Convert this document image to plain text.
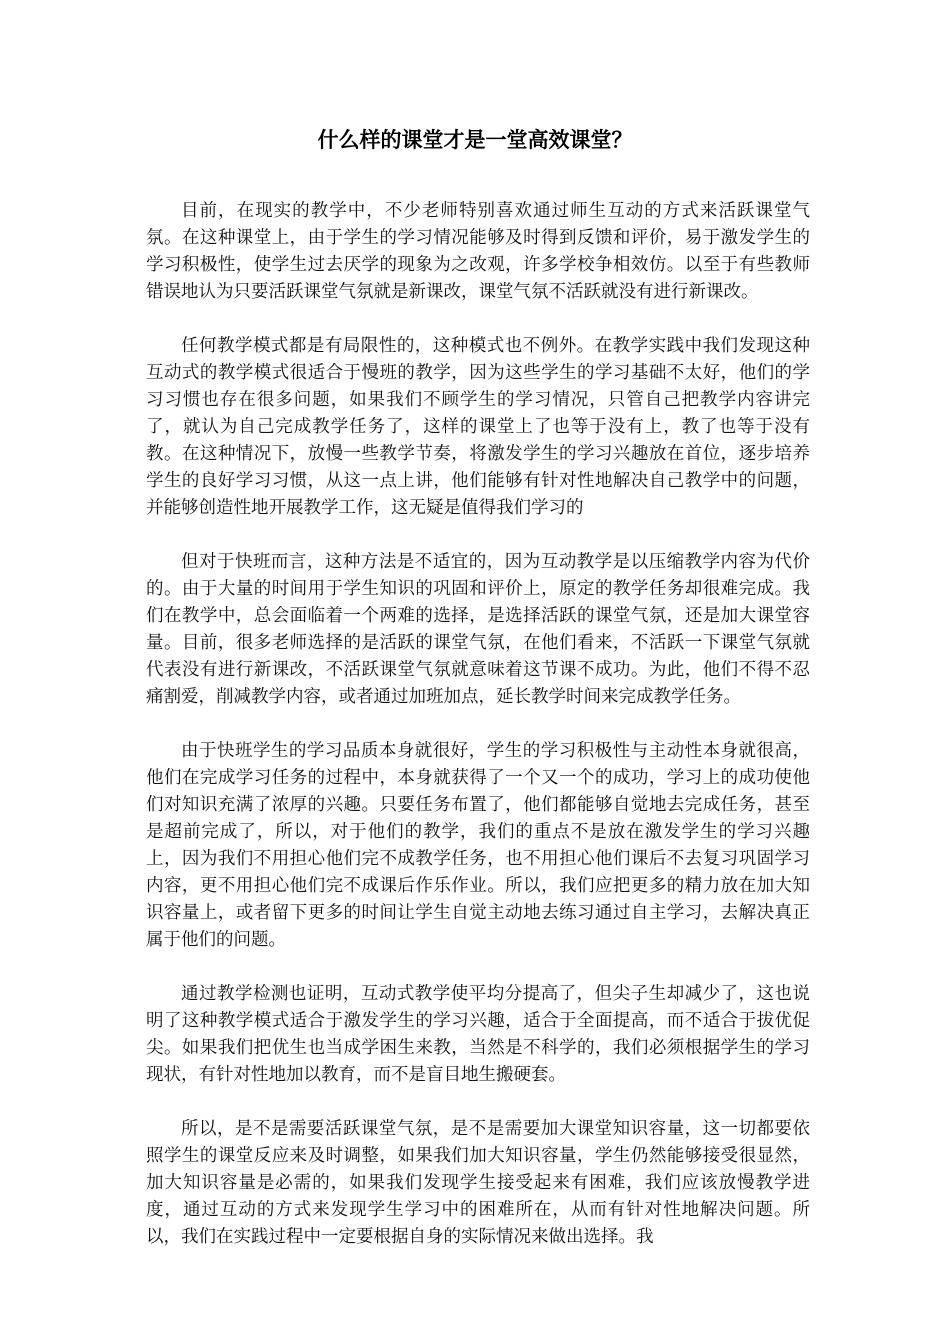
什么样的课堂才是一堂高效课堂？

目前，在现实的教学中，不少老师特别喜欢通过师生互动的方式来活跃课堂气氛。在这种课堂上，由于学生的学习情况能够及时得到反馈和评价，易于激发学生的学习积极性，使学生过去厌学的现象为之改观，许多学校争相效仿。以至于有些教师错误地认为只要活跃课堂气氛就是新课改，课堂气氛不活跃就没有进行新课改。

任何教学模式都是有局限性的，这种模式也不例外。在教学实践中我们发现这种互动式的教学模式很适合于慢班的教学，因为这些学生的学习基础不太好，他们的学习习惯也存在很多问题，如果我们不顾学生的学习情况，只管自己把教学内容讲完了，就认为自己完成教学任务了，这样的课堂上了也等于没有上，教了也等于没有教。在这种情况下，放慢一些教学节奏，将激发学生的学习兴趣放在首位，逐步培养学生的良好学习习惯，从这一点上讲，他们能够有针对性地解决自己教学中的问题，并能够创造性地开展教学工作，这无疑是值得我们学习的

但对于快班而言，这种方法是不适宜的，因为互动教学是以压缩教学内容为代价的。由于大量的时间用于学生知识的巩固和评价上，原定的教学任务却很难完成。我们在教学中，总会面临着一个两难的选择，是选择活跃的课堂气氛，还是加大课堂容量。目前，很多老师选择的是活跃的课堂气氛，在他们看来，不活跃一下课堂气氛就代表没有进行新课改，不活跃课堂气氛就意味着这节课不成功。为此，他们不得不忍痛割爱，削减教学内容，或者通过加班加点，延长教学时间来完成教学任务。

由于快班学生的学习品质本身就很好，学生的学习积极性与主动性本身就很高，他们在完成学习任务的过程中，本身就获得了一个又一个的成功，学习上的成功使他们对知识充满了浓厚的兴趣。只要任务布置了，他们都能够自觉地去完成任务，甚至是超前完成了，所以，对于他们的教学，我们的重点不是放在激发学生的学习兴趣上，因为我们不用担心他们完不成教学任务，也不用担心他们课后不去复习巩固学习内容，更不用担心他们完不成课后作乐作业。所以，我们应把更多的精力放在加大知识容量上，或者留下更多的时间让学生自觉主动地去练习通过自主学习，去解决真正属于他们的问题。

通过教学检测也证明，互动式教学使平均分提高了，但尖子生却减少了，这也说明了这种教学模式适合于激发学生的学习兴趣，适合于全面提高，而不适合于拔优促尖。如果我们把优生也当成学困生来教，当然是不科学的，我们必须根据学生的学习现状，有针对性地加以教育，而不是盲目地生搬硬套。

所以，是不是需要活跃课堂气氛，是不是需要加大课堂知识容量，这一切都要依照学生的课堂反应来及时调整，如果我们加大知识容量，学生仍然能够接受很显然，加大知识容量是必需的，如果我们发现学生接受起来有困难，我们应该放慢教学进度，通过互动的方式来发现学生学习中的困难所在，从而有针对性地解决问题。所以，我们在实践过程中一定要根据自身的实际情况来做出选择。我
